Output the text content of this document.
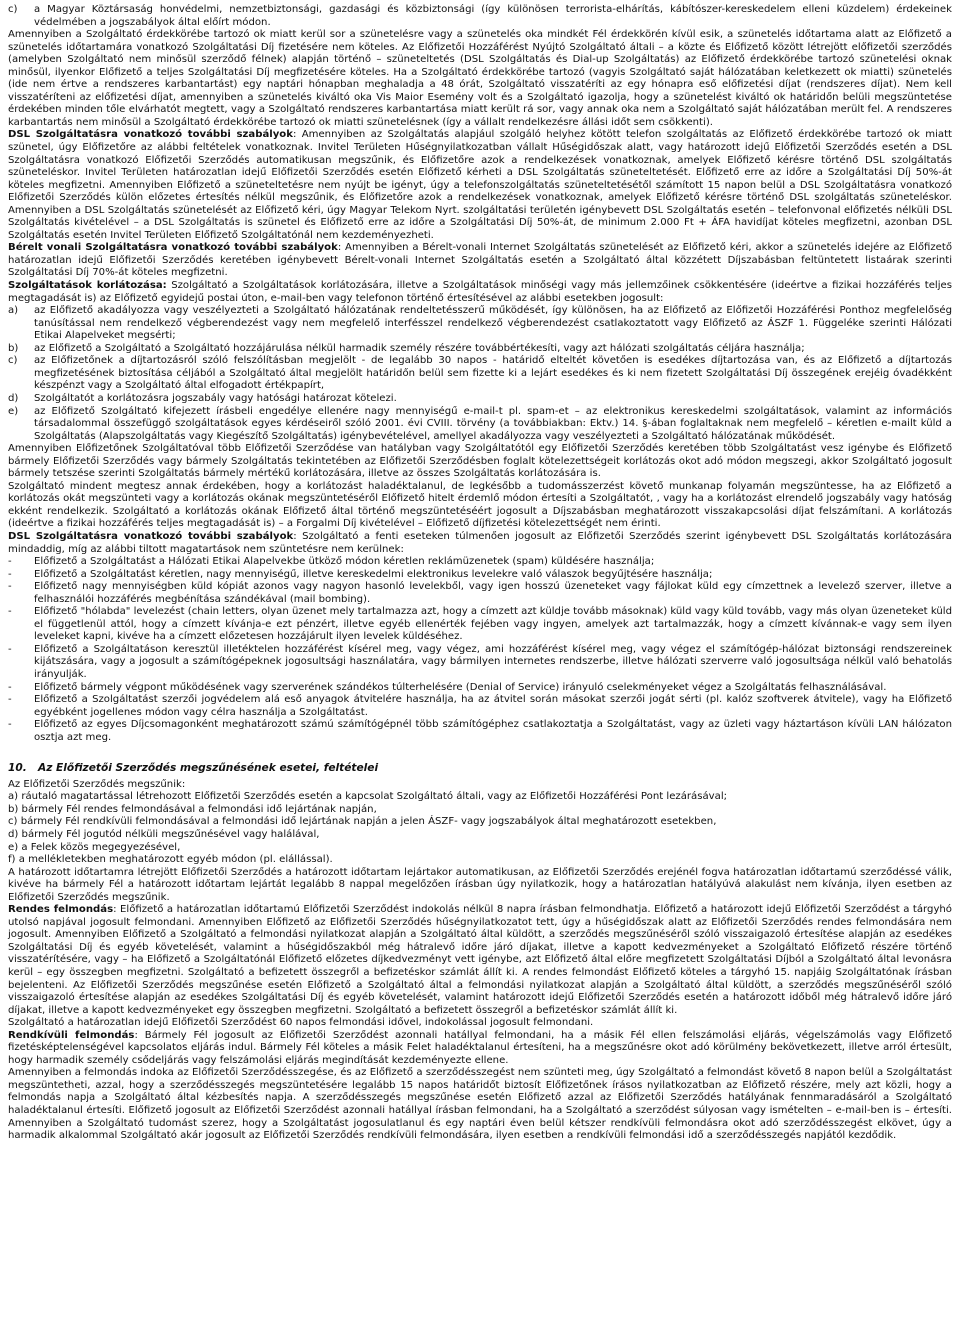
c)	a Magyar Köztársaság honvédelmi, nemzetbiztonsági, gazdasági és közbiztonsági (így különösen terrorista-elhárítás, kábítószer-kereskedelem elleni küzdelem) érdekeinek védelmében a jogszabályok által előírt módon.

Amennyiben a Szolgáltató érdekkörébe tartozó ok miatt kerül sor a szünetelésre vagy a szünetelés oka mindkét Fél érdekkörén kívül esik, a szünetelés időtartama alatt az Előfizető a szünetelés időtartamára vonatkozó Szolgáltatási Díj fizetésére nem köteles. Az Előfizetői Hozzáférést Nyújtó Szolgáltató általi – a közte és Előfizető között létrejött előfizetői szerződés (amelyben Szolgáltató nem minősül szerződő félnek) alapján történő – szüneteltetés (DSL Szolgáltatás és Dial-up Szolgáltatás) az Előfizető érdekkörébe tartozó szünetelési oknak minősül, ilyenkor Előfizető a teljes Szolgáltatási Díj megfizetésére köteles. Ha a Szolgáltató érdekkörébe tartozó (vagyis Szolgáltató saját hálózatában keletkezett ok miatti) szünetelés (ide nem értve a rendszeres karbantartást) egy naptári hónapban meghaladja a 48 órát, Szolgáltató visszatéríti az egy hónapra eső előfizetési díjat (rendszeres díjat). Nem kell visszatéríteni az előfizetési díjat, amennyiben a szünetelés kiváltó oka Vis Maior Esemény volt és a Szolgáltató igazolja, hogy a szünetelést kiváltó ok határidőn belüli megszüntetése érdekében minden tőle elvárhatót megtett, vagy a Szolgáltató rendszeres karbantartása miatt került rá sor, vagy annak oka nem a Szolgáltató saját hálózatában merült fel. A rendszeres karbantartás nem minősül a Szolgáltató érdekkörébe tartozó ok miatti szünetelésnek (így a vállalt rendelkezésre állási időt sem csökkenti).

DSL Szolgáltatásra vonatkozó további szabályok: Amennyiben az Szolgáltatás alapjául szolgáló helyhez kötött telefon szolgáltatás az Előfizető érdekkörébe tartozó ok miatt szünetel, úgy Előfizetőre az alábbi feltételek vonatkoznak. Invitel Területen Hűségnyilatkozatban vállalt Hűségidőszak alatt, vagy határozott idejű Előfizetői Szerződés esetén a DSL Szolgáltatásra vonatkozó Előfizetői Szerződés automatikusan megszűnik, és Előfizetőre azok a rendelkezések vonatkoznak, amelyek Előfizető kérésre történő DSL szolgáltatás szüneteléskor. Invitel Területen határozatlan idejű Előfizetői Szerződés esetén Előfizető kérheti a DSL Szolgáltatás szüneteltetését. Előfizető erre az időre a Szolgáltatási Díj 50%-át köteles megfizetni. Amennyiben Előfizető a szüneteltetésre nem nyújt be igényt, úgy a telefonszolgáltatás szüneteltetésétől számított 15 napon belül a DSL Szolgáltatásra vonatkozó Előfizetői Szerződés külön előzetes értesítés nélkül megszűnik, és Előfizetőre azok a rendelkezések vonatkoznak, amelyek Előfizető kérésre történő DSL szolgáltatás szüneteléskor. Amennyiben a DSL Szolgáltatás szünetelését az Előfizető kéri, úgy Magyar Telekom Nyrt. szolgáltatási területén igénybevett DSL Szolgáltatás esetén – telefonvonal előfizetés nélküli DSL Szolgáltatás kivételével – a DSL Szolgáltatás is szünetel és Előfizető erre az időre a Szolgáltatási Díj 50%-át, de minimum 2.000 Ft + ÁFA havidíjat köteles megfizetni, azonban DSL Szolgáltatás esetén Invitel Területen Előfizető Szolgáltatónál nem kezdeményezheti.

Bérelt vonali Szolgáltatásra vonatkozó további szabályok: Amennyiben a Bérelt-vonali Internet Szolgáltatás szünetelését az Előfizető kéri, akkor a szünetelés idejére az Előfizető határozatlan idejű Előfizetői Szerződés keretében igénybevett Bérelt-vonali Internet Szolgáltatás esetén a Szolgáltató által közzétett Díjszabásban feltüntetett listaárak szerinti Szolgáltatási Díj 70%-át köteles megfizetni.

Szolgáltatások korlátozása: Szolgáltató a Szolgáltatások korlátozására, illetve a Szolgáltatások minőségi vagy más jellemzőinek csökkentésére (ideértve a fizikai hozzáférés teljes megtagadását is) az Előfizető egyidejű postai úton, e-mail-ben vagy telefonon történő értesítésével az alábbi esetekben jogosult:

a)	az Előfizető akadályozza vagy veszélyezteti a Szolgáltató hálózatának rendeltetésszerű működését, így különösen, ha az Előfizető az Előfizetői Hozzáférési Ponthoz megfelelőség tanúsítással nem rendelkező végberendezést vagy nem megfelelő interfésszel rendelkező végberendezést csatlakoztatott vagy Előfizető az ÁSZF 1. Függeléke szerinti Hálózati Etikai Alapelveket megsérti;
b)	az Előfizető a Szolgáltató a Szolgáltató hozzájárulása nélkül harmadik személy részére továbbértékesíti, vagy azt hálózati szolgáltatás céljára használja;
c)	az Előfizetőnek a díjtartozásról szóló felszólításban megjelölt - de legalább 30 napos - határidő elteltét követően is esedékes díjtartozása van, és az Előfizető a díjtartozás megfizetésének biztosítása céljából a Szolgáltató által megjelölt határidőn belül sem fizette ki a lejárt esedékes és ki nem fizetett Szolgáltatási Díj összegének erejéig óvadékként készpénzt vagy a Szolgáltató által elfogadott értékpapírt,
d)	Szolgáltatót a korlátozásra jogszabály vagy hatósági határozat kötelezi.
e)	az Előfizető Szolgáltató kifejezett írásbeli engedélye ellenére nagy mennyiségű e-mail-t pl. spam-et – az elektronikus kereskedelmi szolgáltatások, valamint az információs társadalommal összefüggő szolgáltatások egyes kérdéseiről szóló 2001. évi CVIII. törvény (a továbbiakban: Ektv.) 14. §-ában foglaltaknak nem megfelelő – kéretlen e-mailt küld a Szolgáltatás (Alapszolgáltatás vagy Kiegészítő Szolgáltatás) igénybevételével, amellyel akadályozza vagy veszélyezteti a Szolgáltató hálózatának működését.

Amennyiben Előfizetőnek Szolgáltatóval több Előfizetői Szerződése van hatályban vagy Szolgáltatótól egy Előfizetői Szerződés keretében több Szolgáltatást vesz igénybe és Előfizető bármely Előfizetői Szerződés vagy bármely Szolgáltatás tekintetében az Előfizetői Szerződésben foglalt kötelezettségeit korlátozás okot adó módon megszegi, akkor Szolgáltató jogosult bármely tetszése szerinti Szolgáltatás bármely mértékű korlátozására, illetve az összes Szolgáltatás korlátozására is.

Szolgáltató mindent megtesz annak érdekében, hogy a korlátozást haladéktalanul, de legkésőbb a tudomásszerzést követő munkanap folyamán megszüntesse, ha az Előfizető a korlátozás okát megszünteti vagy a korlátozás okának megszüntetéséről Előfizető hitelt érdemlő módon értesíti a Szolgáltatót, , vagy ha a korlátozást elrendelő jogszabály vagy hatóság ekként rendelkezik. Szolgáltató a korlátozás okának Előfizető által történő megszüntetéséért jogosult a Díjszabásban meghatározott visszakapcsolási díjat felszámítani. A korlátozás (ideértve a fizikai hozzáférés teljes megtagadását is) – a Forgalmi Díj kivételével – Előfizető díjfizetési kötelezettségét nem érinti.

DSL Szolgáltatásra vonatkozó további szabályok: Szolgáltató a fenti eseteken túlmenően jogosult az Előfizetői Szerződés szerint igénybevett DSL Szolgáltatás korlátozására mindaddig, míg az alábbi tiltott magatartások nem szüntetésre nem kerülnek:

-	Előfizető a Szolgáltatást a Hálózati Etikai Alapelvekbe ütköző módon kéretlen reklámüzenetek (spam) küldésére használja;
-	Előfizető a Szolgáltatást kéretlen, nagy mennyiségű, illetve kereskedelmi elektronikus levelekre való válaszok begyűjtésére használja;
-	Előfizető nagy mennyiségben küld kópiát azonos vagy nagyon hasonló levelekből, vagy igen hosszú üzeneteket vagy fájlokat küld egy címzettnek a levelező szerver, illetve a felhasználói hozzáférés megbénítása szándékával (mail bombing).
-	Előfizető "hólabda" levelezést (chain letters, olyan üzenet mely tartalmazza azt, hogy a címzett azt küldje tovább másoknak) küld vagy küld tovább, vagy más olyan üzeneteket küld el függetlenül attól, hogy a címzett kívánja-e ezt pénzért, illetve egyéb ellenérték fejében vagy ingyen, amelyek azt tartalmazzák, hogy a címzett kívánnak-e vagy sem ilyen leveleket kapni, kivéve ha a címzett előzetesen hozzájárult ilyen levelek küldéséhez.
-	Előfizető a Szolgáltatáson keresztül illetéktelen hozzáférést kísérel meg, vagy végez, ami hozzáférést kísérel meg, vagy végez el számítógép-hálózat biztonsági rendszereinek kijátszására, vagy a jogosult a számítógépeknek jogosultsági használatára, vagy bármilyen internetes rendszerbe, illetve hálózati szerverre való jogosultsága nélkül való behatolás irányulják.
-	Előfizető bármely végpont működésének vagy szerverének szándékos túlterhelésére (Denial of Service) irányuló cselekményeket végez a Szolgáltatás felhasználásával.
-	Előfizető a Szolgáltatást szerzői jogvédelem alá eső anyagok átvitelére használja, ha az átvitel során másokat szerzői jogát sérti (pl. kalóz szoftverek átvitele), vagy ha Előfizető egyébként jogellenes módon vagy célra használja a Szolgáltatást.
-	Előfizető az egyes Díjcsomagonként meghatározott számú számítógépnél több számítógéphez csatlakoztatja a Szolgáltatást, vagy az üzleti vagy háztartáson kívüli LAN hálózaton osztja azt meg.
10.	Az Előfizetői Szerződés megszűnésének esetei, feltételei

Az Előfizetői Szerződés megszűnik:

a) ráutaló magatartással létrehozott Előfizetői Szerződés esetén a kapcsolat Szolgáltató általi, vagy az Előfizetői Hozzáférési Pont lezárásával;

b) bármely Fél rendes felmondásával a felmondási idő lejártának napján,

c) bármely Fél rendkívüli felmondásával a felmondási idő lejártának napján a jelen ÁSZF- vagy jogszabályok által meghatározott esetekben,

d) bármely Fél jogutód nélküli megszűnésével vagy halálával,

e) a Felek közös megegyezésével,

f) a mellékletekben meghatározott egyéb módon (pl. elállással).

A határozott időtartamra létrejött Előfizetői Szerződés a határozott időtartam lejártakor automatikusan, az Előfizetői Szerződés erejénél fogva határozatlan időtartamú szerződéssé válik, kivéve ha bármely Fél a határozott időtartam lejártát legalább 8 nappal megelőzően írásban úgy nyilatkozik, hogy a határozatlan hatályúvá alakulást nem kívánja, ilyen esetben az Előfizetői Szerződés megszűnik.

Rendes felmondás: Előfizető a határozatlan időtartamú Előfizetői Szerződést indokolás nélkül 8 napra írásban felmondhatja. Előfizető a határozott idejű Előfizetői Szerződést a tárgyhó utolsó napjával jogosult felmondani. Amennyiben Előfizető az Előfizetői Szerződés hűségnyilatkozatot tett, úgy a hűségidőszak alatt az Előfizetői Szerződés rendes felmondására nem jogosult. Amennyiben Előfizető a Szolgáltató a felmondási nyilatkozat alapján a Szolgáltató által küldött, a szerződés megszűnéséről szóló visszaigazoló értesítése alapján az esedékes Szolgáltatási Díj és egyéb követelését, valamint a hűségidőszakból még hátralevő időre járó díjakat, illetve a kapott kedvezményeket a Szolgáltató Előfizető részére történő visszatérítésére, vagy – ha Előfizető a Szolgáltatónál Előfizető előzetes díjkedvezményt vett igénybe, azt Előfizető által előre megfizetett Szolgáltatási Díjból a Szolgáltató által levonásra kerül – egy összegben megfizetni. Szolgáltató a befizetett összegről a befizetéskor számlát állít ki. A rendes felmondást Előfizető köteles a tárgyhó 15. napjáig Szolgáltatónak írásban bejelenteni. Az Előfizetői Szerződés megszűnése esetén Előfizető a Szolgáltató által a felmondási nyilatkozat alapján a Szolgáltató által küldött, a szerződés megszűnéséről szóló visszaigazoló értesítése alapján az esedékes Szolgáltatási Díj és egyéb követelését, valamint határozott idejű Előfizetői Szerződés esetén a határozott időből még hátralevő időre járó díjakat, illetve a kapott kedvezményeket egy összegben megfizetni. Szolgáltató a befizetett összegről a befizetéskor számlát állít ki.

Szolgáltató a határozatlan idejű Előfizetői Szerződést 60 napos felmondási idővel, indokolással jogosult felmondani.

Rendkívüli felmondás: Bármely Fél jogosult az Előfizetői Szerződést azonnali hatállyal felmondani, ha a másik Fél ellen felszámolási eljárás, végelszámolás vagy Előfizető fizetésképtelenségével kapcsolatos eljárás indul. Bármely Fél köteles a másik Felet haladéktalanul értesíteni, ha a megszűnésre okot adó körülmény bekövetkezett, illetve arról értesült, hogy harmadik személy csődeljárás vagy felszámolási eljárás megindítását kezdeményezte ellene.

Amennyiben a felmondás indoka az Előfizetői Szerződésszegése, és az Előfizető a szerződésszegést nem szünteti meg, úgy Szolgáltató a felmondást követő 8 napon belül a Szolgáltatást megszüntetheti, azzal, hogy a szerződésszegés megszüntetésére legalább 15 napos határidőt biztosít Előfizetőnek írásos nyilatkozatban az Előfizető részére, mely azt közli, hogy a felmondás napja a Szolgáltató által kézbesítés napja. A szerződésszegés megszűnése esetén Előfizető azzal az Előfizetői Szerződés hatályának fennmaradásáról a Szolgáltató haladéktalanul értesíti. Előfizető jogosult az Előfizetői Szerződést azonnali hatállyal írásban felmondani, ha a Szolgáltató a szerződést súlyosan vagy ismételten – e-mail-ben is – értesíti. Amennyiben a Szolgáltató tudomást szerez, hogy a Szolgáltatást jogosulatlanul és egy naptári éven belül kétszer rendkívüli felmondásra okot adó szerződésszegést elkövet, úgy a harmadik alkalommal Szolgáltató akár jogosult az Előfizetői Szerződés rendkívüli felmondására, ilyen esetben a rendkívüli felmondási idő a szerződésszegés napjától kezdődik.
